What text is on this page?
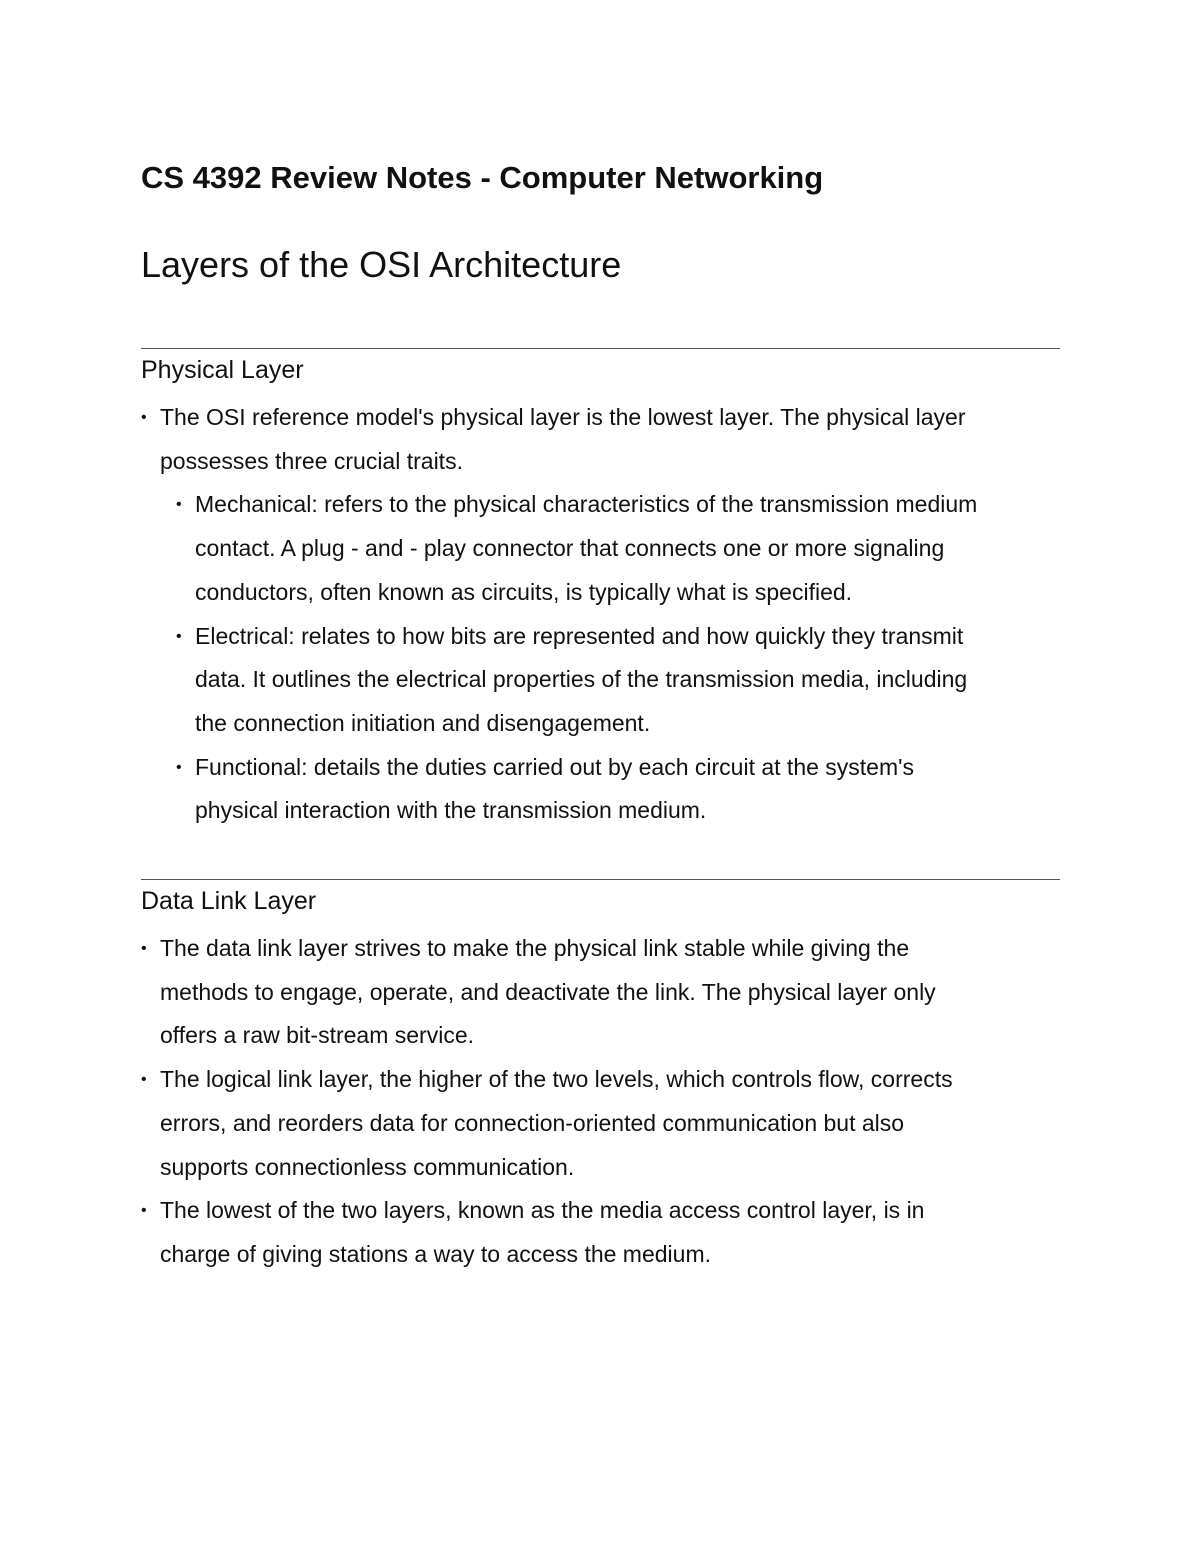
CS 4392 Review Notes - Computer Networking
Layers of the OSI Architecture
Physical Layer
• The OSI reference model's physical layer is the lowest layer. The physical layer
possesses three crucial traits.
• Mechanical: refers to the physical characteristics of the transmission medium
contact. A plug - and - play connector that connects one or more signaling
conductors, often known as circuits, is typically what is specified.
• Electrical: relates to how bits are represented and how quickly they transmit
data. It outlines the electrical properties of the transmission media, including
the connection initiation and disengagement.
• Functional: details the duties carried out by each circuit at the system's
physical interaction with the transmission medium.
Data Link Layer
• The data link layer strives to make the physical link stable while giving the
methods to engage, operate, and deactivate the link. The physical layer only
offers a raw bit-stream service.
• The logical link layer, the higher of the two levels, which controls flow, corrects
errors, and reorders data for connection-oriented communication but also
supports connectionless communication.
• The lowest of the two layers, known as the media access control layer, is in
charge of giving stations a way to access the medium.
